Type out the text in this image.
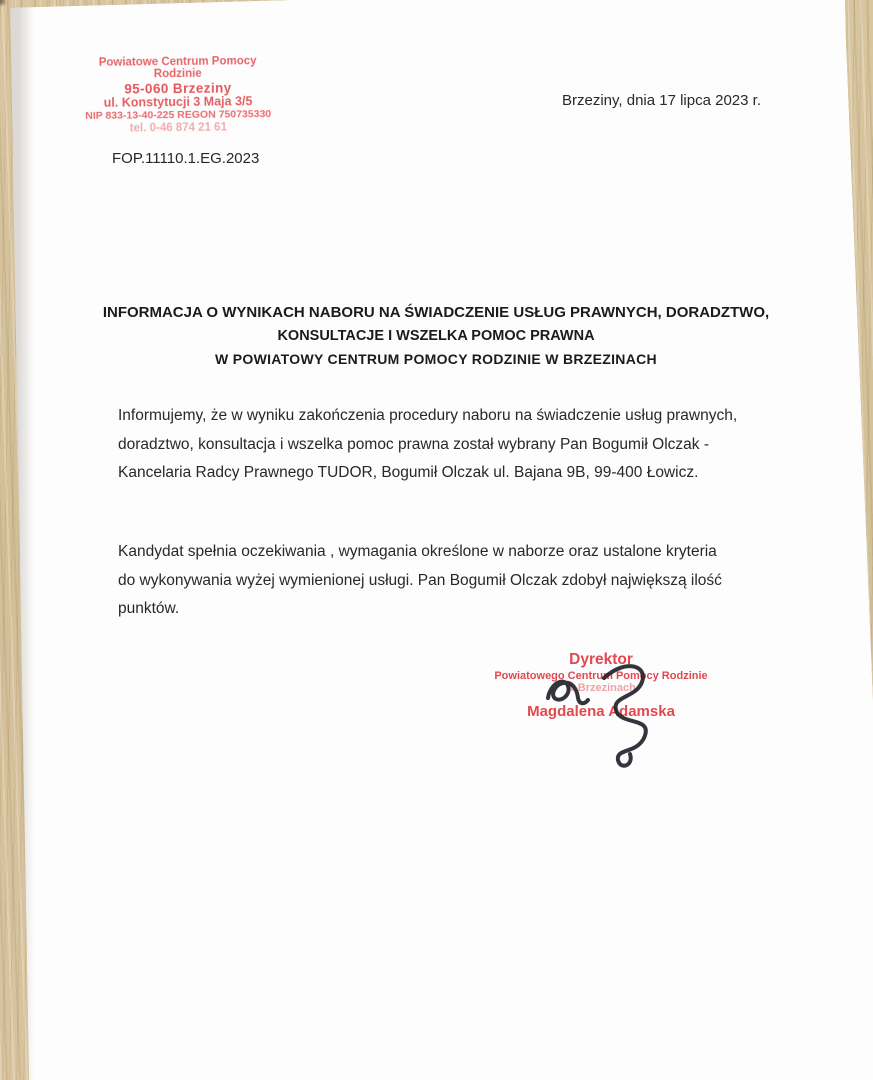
Powiatowe Centrum Pomocy Rodzinie
95-060 Brzeziny
ul. Konstytucji 3 Maja 3/5
NIP 833-13-40-225 REGON 750735330
tel. 0-46 874 21 61
Brzeziny, dnia 17 lipca 2023 r.
FOP.11110.1.EG.2023
INFORMACJA O WYNIKACH NABORU NA ŚWIADCZENIE USŁUG PRAWNYCH, DORADZTWO,
KONSULTACJE I WSZELKA POMOC PRAWNA
W POWIATOWY CENTRUM POMOCY RODZINIE W BRZEZINACH
Informujemy, że w wyniku zakończenia procedury naboru na świadczenie usług prawnych,
doradztwo, konsultacja i wszelka pomoc prawna został wybrany Pan Bogumił Olczak -
Kancelaria Radcy Prawnego TUDOR, Bogumił Olczak ul. Bajana 9B, 99-400 Łowicz.
Kandydat spełnia oczekiwania , wymagania określone w naborze oraz ustalone kryteria
do wykonywania wyżej wymienionej usługi. Pan Bogumił Olczak zdobył największą ilość
punktów.
Dyrektor
Powiatowego Centrum Pomocy Rodzinie
w Brzezinach
Magdalena Adamska
